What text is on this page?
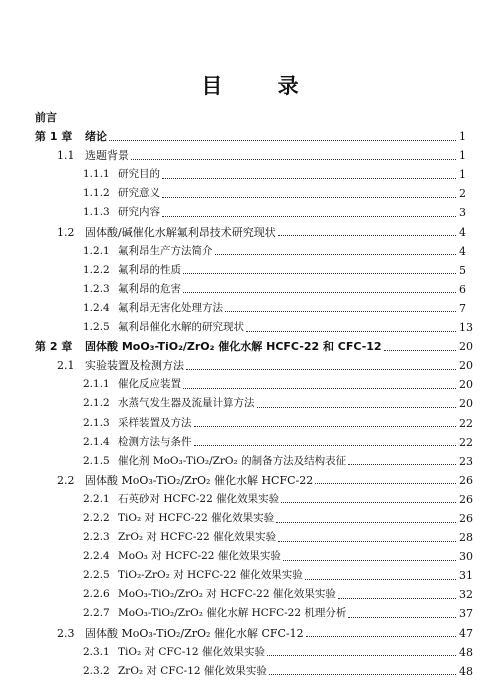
目 录
前言
第 1 章	绪论	1
1.1 选题背景	1
1.1.1 研究目的	1
1.1.2 研究意义	2
1.1.3 研究内容	3
1.2 固体酸/碱催化水解氟利昂技术研究现状	4
1.2.1 氟利昂生产方法简介	4
1.2.2 氟利昂的性质	5
1.2.3 氟利昂的危害	6
1.2.4 氟利昂无害化处理方法	7
1.2.5 氟利昂催化水解的研究现状	13
第 2 章	固体酸 MoO₃-TiO₂/ZrO₂ 催化水解 HCFC-22 和 CFC-12	20
2.1 实验装置及检测方法	20
2.1.1 催化反应装置	20
2.1.2 水蒸气发生器及流量计算方法	20
2.1.3 采样装置及方法	22
2.1.4 检测方法与条件	22
2.1.5 催化剂 MoO₃-TiO₂/ZrO₂ 的制备方法及结构表征	23
2.2 固体酸 MoO₃-TiO₂/ZrO₂ 催化水解 HCFC-22	26
2.2.1 石英砂对 HCFC-22 催化效果实验	26
2.2.2 TiO₂ 对 HCFC-22 催化效果实验	26
2.2.3 ZrO₂ 对 HCFC-22 催化效果实验	28
2.2.4 MoO₃ 对 HCFC-22 催化效果实验	30
2.2.5 TiO₂-ZrO₂ 对 HCFC-22 催化效果实验	31
2.2.6 MoO₃-TiO₂/ZrO₂ 对 HCFC-22 催化效果实验	32
2.2.7 MoO₃-TiO₂/ZrO₂ 催化水解 HCFC-22 机理分析	37
2.3 固体酸 MoO₃-TiO₂/ZrO₂ 催化水解 CFC-12	47
2.3.1 TiO₂ 对 CFC-12 催化效果实验	48
2.3.2 ZrO₂ 对 CFC-12 催化效果实验	48
